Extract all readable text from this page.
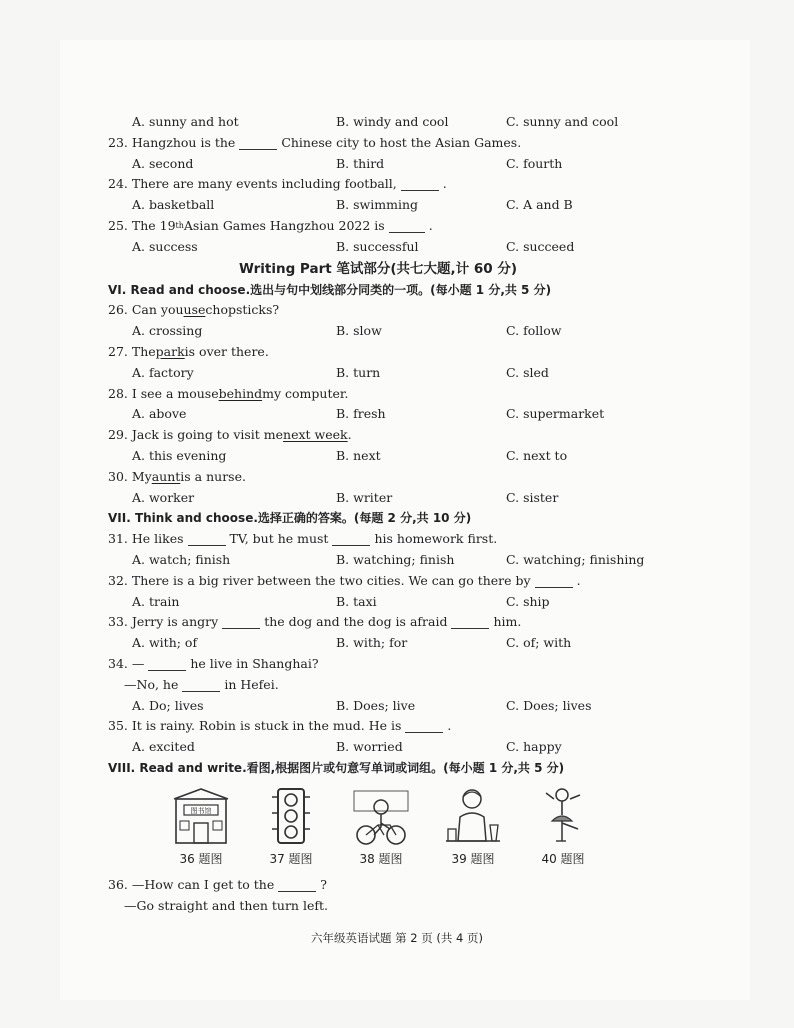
A. sunny and hot	B. windy and cool	C. sunny and cool
23. Hangzhou is the	Chinese city to host the Asian Games.
A. second	B. third	C. fourth
24. There are many events including football,	.
A. basketball	B. swimming	C. A and B
25. The 19 th Asian Games Hangzhou 2022 is	.
A. success	B. successful	C. succeed
Writing Part 笔试部分(共七大题,计 60 分)
VI. Read and choose. 选出与句中划线部分同类的一项。(每小题 1 分,共 5 分)
26. Can you use chopsticks?
A. crossing	B. slow	C. follow
27. The park is over there.
A. factory	B. turn	C. sled
28. I see a mouse behind my computer.
A. above	B. fresh	C. supermarket
29. Jack is going to visit me next week .
A. this evening	B. next	C. next to
30. My aunt is a nurse.
A. worker	B. writer	C. sister
VII. Think and choose. 选择正确的答案。(每题 2 分,共 10 分)
31. He likes	TV, but he must	his homework first.
A. watch; finish	B. watching; finish	C. watching; finishing
32. There is a big river between the two cities. We can go there by	.
A. train	B. taxi	C. ship
33. Jerry is angry	the dog and the dog is afraid	him.
A. with; of	B. with; for	C. of; with
34. —	he live in Shanghai?
—No, he	in Hefei.
A. Do; lives	B. Does; live	C. Does; lives
35. It is rainy. Robin is stuck in the mud. He is	.
A. excited	B. worried	C. happy
VIII. Read and write. 看图,根据图片或句意写单词或词组。(每小题 1 分,共 5 分)
图书馆
36 题图	37 题图	38 题图	39 题图	40 题图
36. —How can I get to the	?
—Go straight and then turn left.
六年级英语试题 第 2 页 (共 4 页)
